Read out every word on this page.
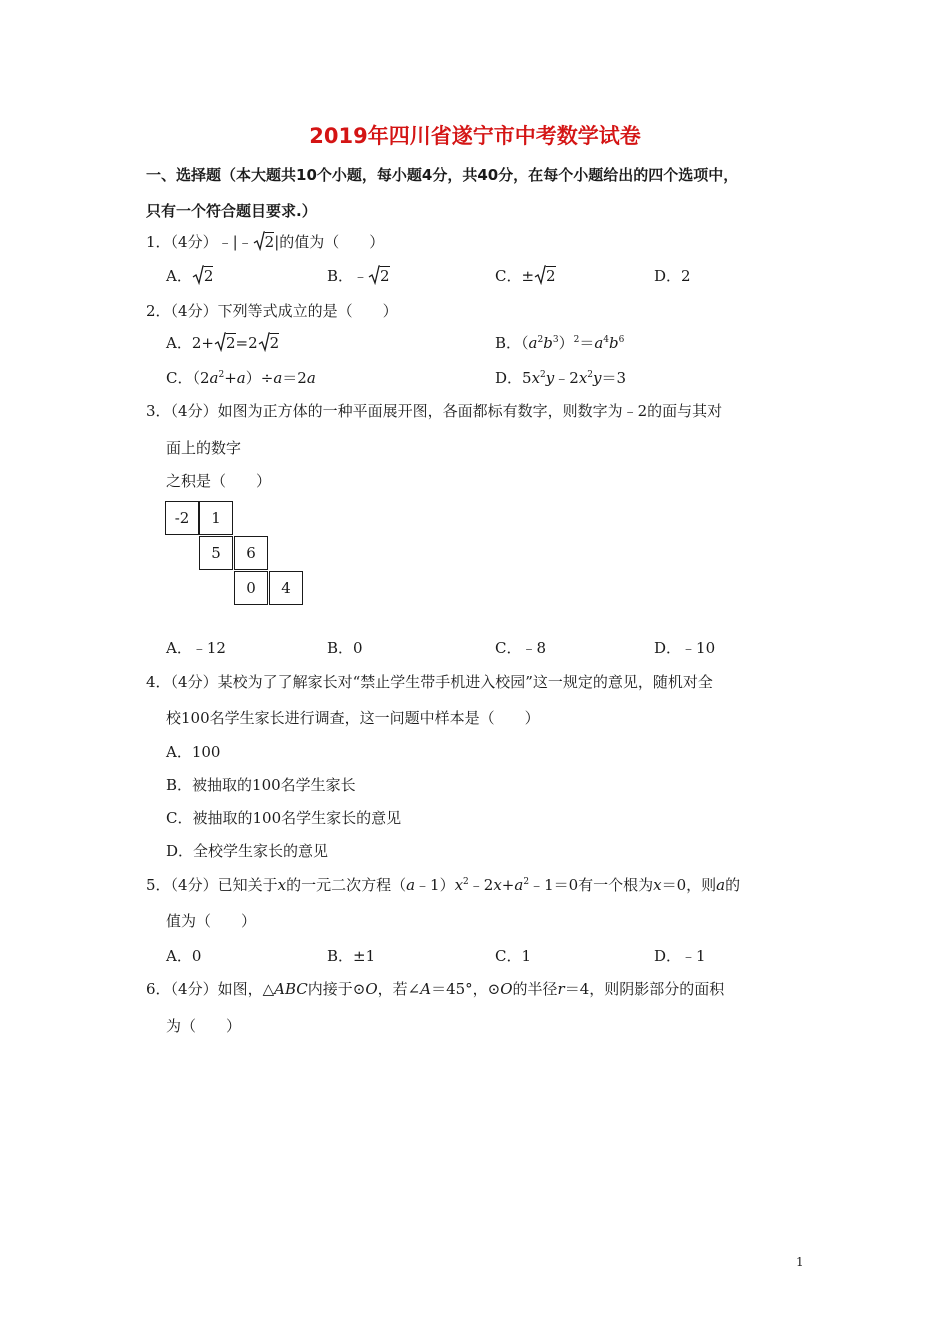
2019年四川省遂宁市中考数学试卷
一、选择题（本大题共10个小题，每小题4分，共40分，在每个小题给出的四个选项中，
只有一个符合题目要求.）
1．（4分）﹣|﹣ 2|的值为（　　）
A． 2	B．﹣ 2	C．± 2	D．2
2．（4分）下列等式成立的是（　　）
A．2+ 2=2 2	B．$(a^2b^3)^2=a^4b^6$
C．$(2a^2+a)\div a=2a$	D．$5x^2y﹣2x^2y=3$
3．（4分）如图为正方体的一种平面展开图，各面都标有数字，则数字为﹣2的面与其对
面上的数字
之积是（　　）
-2	1
5	6
0	4
A．﹣12	B．0	C．﹣8	D．﹣10
4．（4分）某校为了了解家长对“禁止学生带手机进入校园”这一规定的意见，随机对全
校100名学生家长进行调查，这一问题中样本是（　　）
A．100
B．被抽取的100名学生家长
C．被抽取的100名学生家长的意见
D．全校学生家长的意见
5．（4分）已知关于x的一元二次方程$(a﹣1)x^2﹣2x+a^2﹣1=0$有一个根为x＝0，则a的
值为（　　）
A．0	B．±1	C．1	D．﹣1
6．（4分）如图，△ABC内接于⊙O，若∠A＝45°，⊙O的半径r＝4，则阴影部分的面积
为（　　）
1
